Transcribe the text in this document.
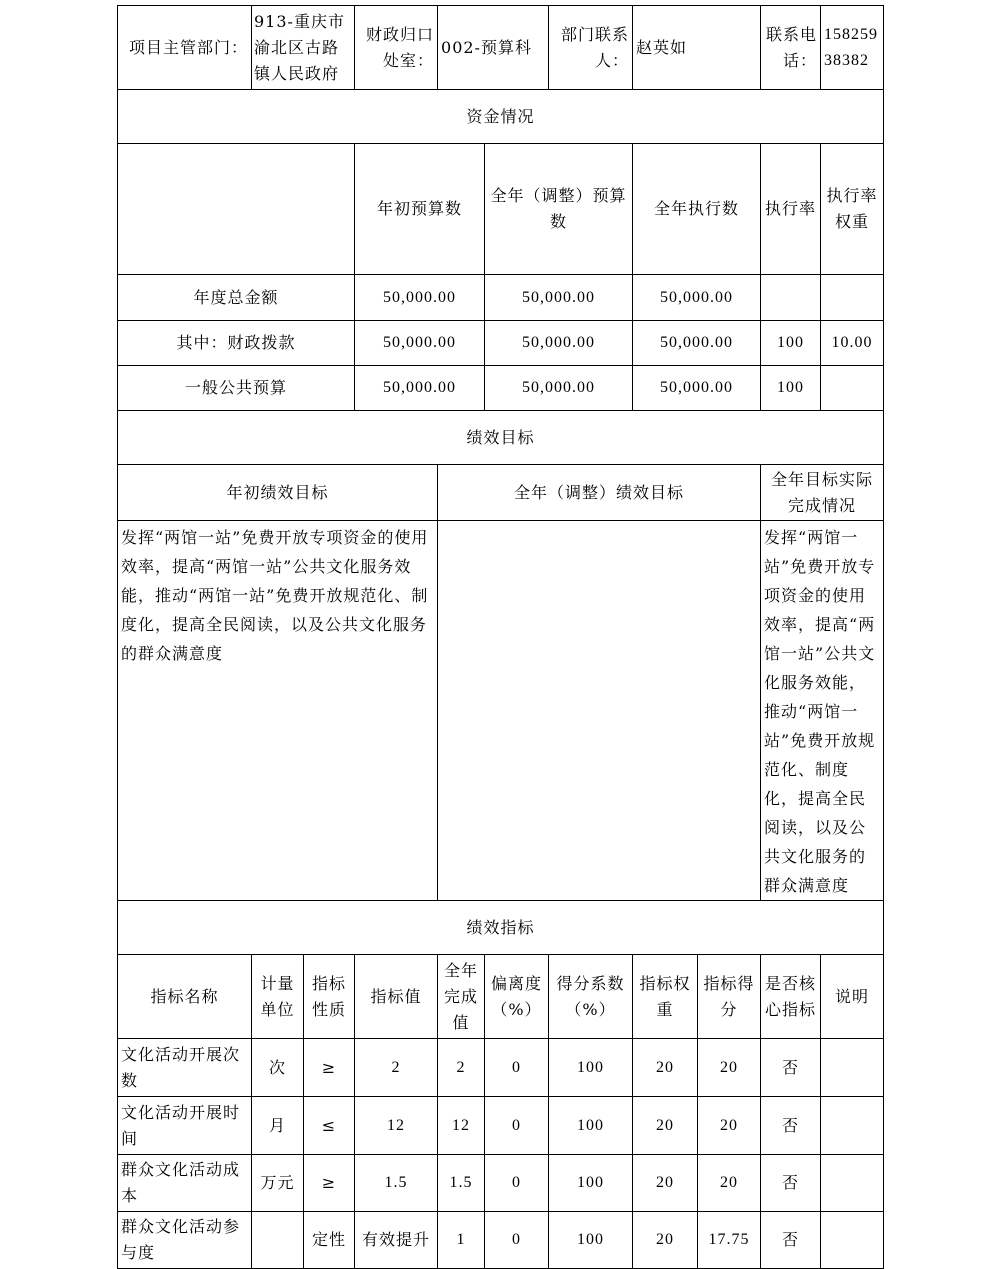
项目主管部门：	913-重庆市渝北区古路镇人民政府		财政归口处室：	002-预算科		部门联系人：	赵英如		联系电话：	15825938382	
资金情况											
			年初预算数		全年（调整）预算数		全年执行数		执行率	执行率权重	
年度总金额			50,000.00		50,000.00		50,000.00				
其中：财政拨款			50,000.00		50,000.00		50,000.00		100	10.00	
一般公共预算			50,000.00		50,000.00		50,000.00		100		
绩效目标											
年初绩效目标				全年（调整）绩效目标					全年目标实际完成情况		
发挥“两馆一站”免费开放专项资金的使用效率，提高“两馆一站”公共文化服务效能，推动“两馆一站”免费开放规范化、制度化，提高全民阅读，以及公共文化服务的群众满意度									发挥“两馆一站”免费开放专项资金的使用效率，提高“两馆一站”公共文化服务效能，推动“两馆一站”免费开放规范化、制度化，提高全民阅读，以及公共文化服务的群众满意度		
绩效指标											
指标名称	计量单位	指标性质	指标值	全年完成值	偏离度（%）	得分系数（%）	指标权重	指标得分	是否核心指标	说明	
文化活动开展次数	次	≥	2	2	0	100	20	20	否		
文化活动开展时间	月	≤	12	12	0	100	20	20	否		
群众文化活动成本	万元	≥	1.5	1.5	0	100	20	20	否		
群众文化活动参与度		定性	有效提升	1	0	100	20	17.75	否		
